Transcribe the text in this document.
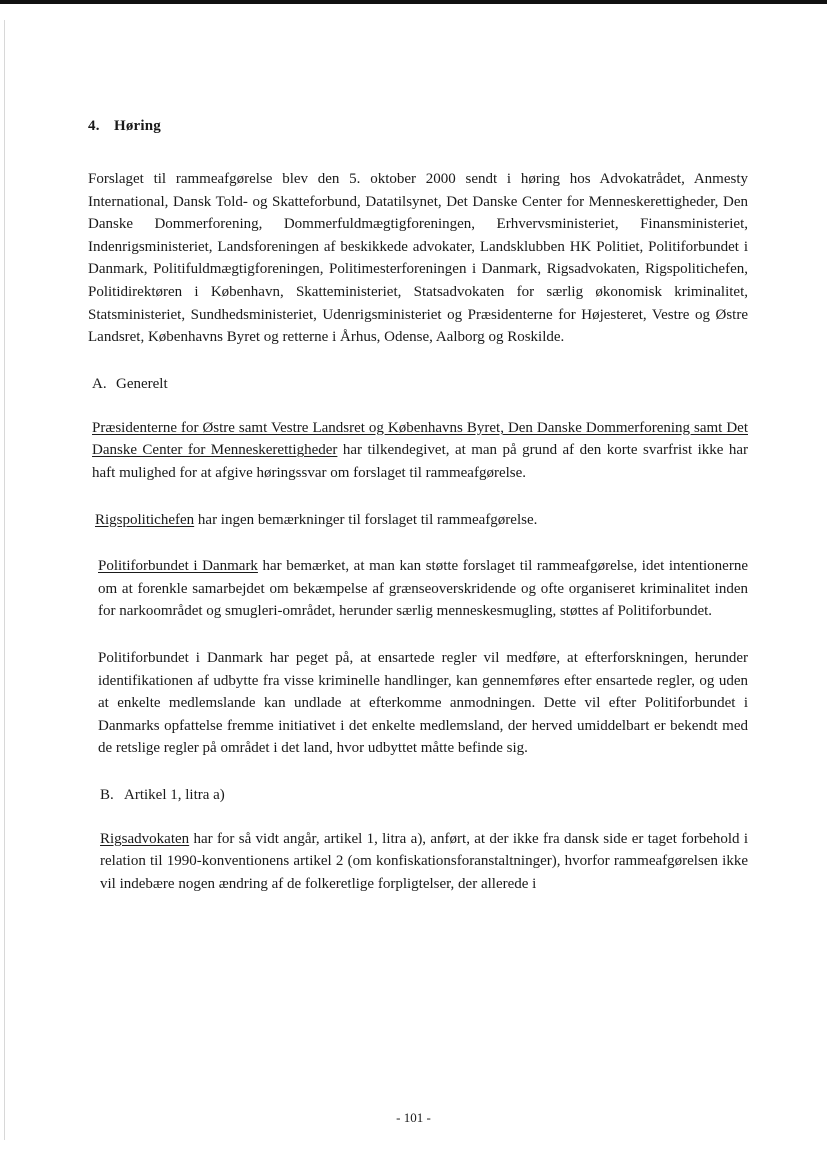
4. Høring

Forslaget til rammeafgørelse blev den 5. oktober 2000 sendt i høring hos Advokatrådet, Anmesty International, Dansk Told- og Skatteforbund, Datatilsynet, Det Danske Center for Menneskerettigheder, Den Danske Dommerforening, Dommerfuldmægtigforeningen, Erhvervsministeriet, Finansministeriet, Indenrigsministeriet, Landsforeningen af beskikkede advokater, Landsklubben HK Politiet, Politiforbundet i Danmark, Politifuldmægtigforeningen, Politimesterforeningen i Danmark, Rigsadvokaten, Rigspolitichefen, Politidirektøren i København, Skatteministeriet, Statsadvokaten for særlig økonomisk kriminalitet, Statsministeriet, Sundhedsministeriet, Udenrigsministeriet og Præsidenterne for Højesteret, Vestre og Østre Landsret, Københavns Byret og retterne i Århus, Odense, Aalborg og Roskilde.

A. Generelt

Præsidenterne for Østre samt Vestre Landsret og Københavns Byret, Den Danske Dommerforening samt Det Danske Center for Menneskerettigheder har tilkendegivet, at man på grund af den korte svarfrist ikke har haft mulighed for at afgive høringssvar om forslaget til rammeafgørelse.

Rigspolitichefen har ingen bemærkninger til forslaget til rammeafgørelse.

Politiforbundet i Danmark har bemærket, at man kan støtte forslaget til rammeafgørelse, idet intentionerne om at forenkle samarbejdet om bekæmpelse af grænseoverskridende og ofte organiseret kriminalitet inden for narkoområdet og smugleri-området, herunder særlig menneskesmugling, støttes af Politiforbundet.

Politiforbundet i Danmark har peget på, at ensartede regler vil medføre, at efterforskningen, herunder identifikationen af udbytte fra visse kriminelle handlinger, kan gennemføres efter ensartede regler, og uden at enkelte medlemslande kan undlade at efterkomme anmodningen. Dette vil efter Politiforbundet i Danmarks opfattelse fremme initiativet i det enkelte medlemsland, der herved umiddelbart er bekendt med de retslige regler på området i det land, hvor udbyttet måtte befinde sig.

B. Artikel 1, litra a)

Rigsadvokaten har for så vidt angår, artikel 1, litra a), anført, at der ikke fra dansk side er taget forbehold i relation til 1990-konventionens artikel 2 (om konfiskationsforanstaltninger), hvorfor rammeafgørelsen ikke vil indebære nogen ændring af de folkeretlige forpligtelser, der allerede i

- 101 -
